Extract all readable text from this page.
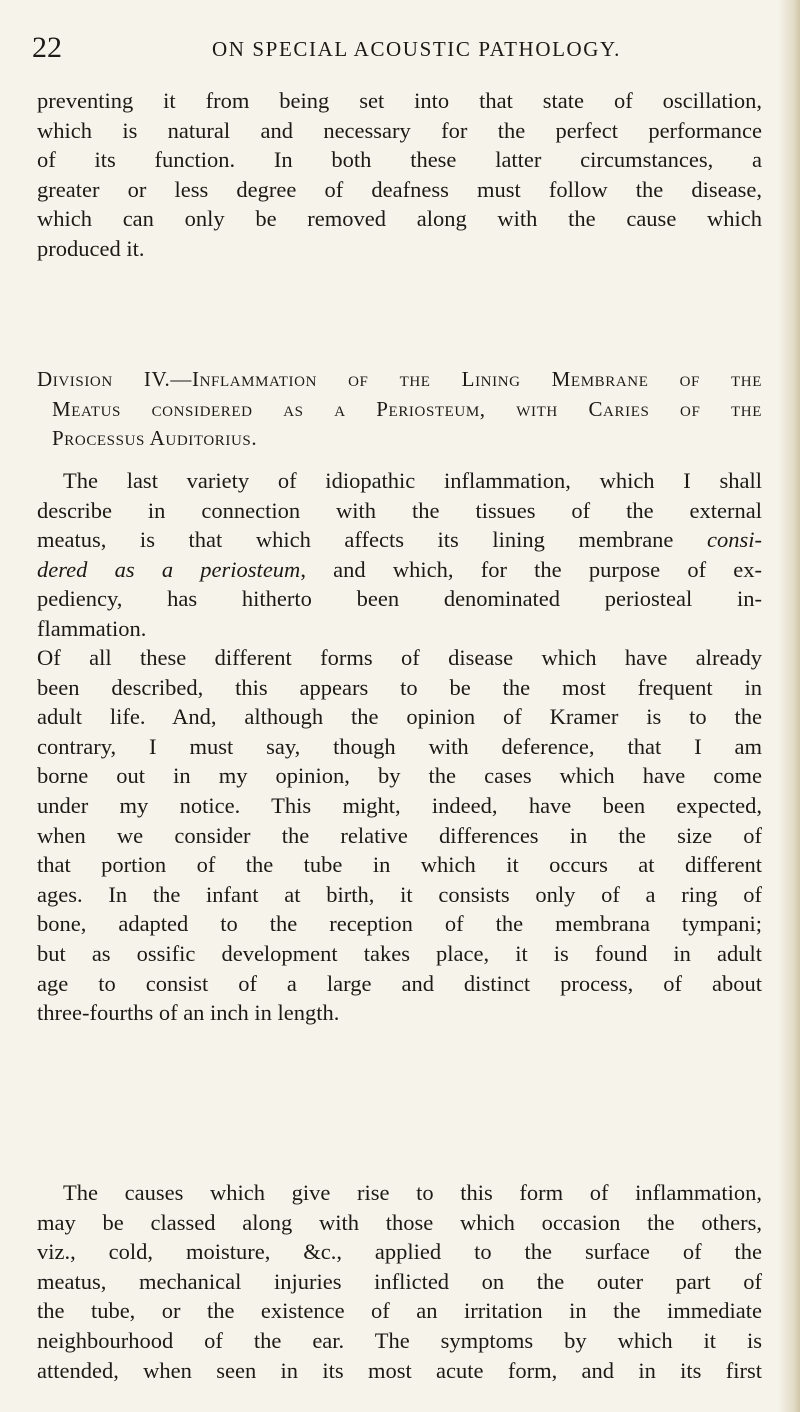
22	ON SPECIAL ACOUSTIC PATHOLOGY.
preventing it from being set into that state of oscillation,
which is natural and necessary for the perfect performance
of its function. In both these latter circumstances, a
greater or less degree of deafness must follow the disease,
which can only be removed along with the cause which
produced it.
Division IV.—Inflammation of the Lining Membrane of the
Meatus considered as a Periosteum, with Caries of the
Processus Auditorius.
The last variety of idiopathic inflammation, which I shall
describe in connection with the tissues of the external
meatus, is that which affects its lining membrane consi-
dered as a periosteum, and which, for the purpose of ex-
pediency, has hitherto been denominated periosteal in-
flammation.
Of all these different forms of disease which have already
been described, this appears to be the most frequent in
adult life. And, although the opinion of Kramer is to the
contrary, I must say, though with deference, that I am
borne out in my opinion, by the cases which have come
under my notice. This might, indeed, have been expected,
when we consider the relative differences in the size of
that portion of the tube in which it occurs at different
ages. In the infant at birth, it consists only of a ring of
bone, adapted to the reception of the membrana tympani;
but as ossific development takes place, it is found in adult
age to consist of a large and distinct process, of about
three-fourths of an inch in length.
The causes which give rise to this form of inflammation,
may be classed along with those which occasion the others,
viz., cold, moisture, &c., applied to the surface of the
meatus, mechanical injuries inflicted on the outer part of
the tube, or the existence of an irritation in the immediate
neighbourhood of the ear. The symptoms by which it is
attended, when seen in its most acute form, and in its first
